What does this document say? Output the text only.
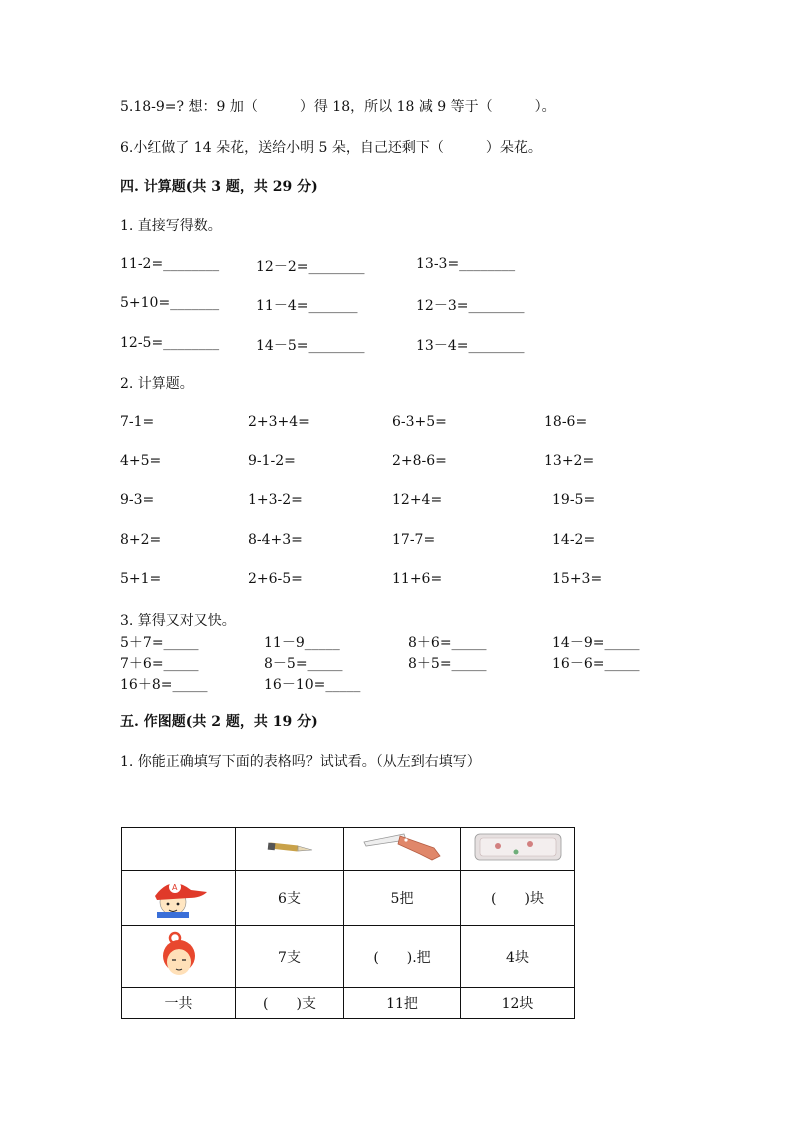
5.18-9=? 想：9 加（　　　）得 18，所以 18 减 9 等于（　　　）。
6.小红做了 14 朵花，送给小明 5 朵，自己还剩下（　　　）朵花。
四. 计算题(共 3 题，共 29 分)
1. 直接写得数。
11-2=________	12－2=________	13-3=________
5+10=_______	11－4=_______	12－3=________
12-5=________	14－5=________	13－4=________
2. 计算题。
7-1=	2+3+4=	6-3+5=	18-6=
4+5=	9-1-2=	2+8-6=	13+2=
9-3=	1+3-2=	12+4=	19-5=
8+2=	8-4+3=	17-7=	14-2=
5+1=	2+6-5=	11+6=	15+3=
3. 算得又对又快。
5＋7=_____	11－9_____	8＋6=_____	14－9=_____
7＋6=_____	8－5=_____	8＋5=_____	16－6=_____
16＋8=_____	16－10=_____
五. 作图题(共 2 题，共 19 分)
1. 你能正确填写下面的表格吗？试试看。（从左到右填写）

A	6支	5把	(　　)块
	7支	(　　).把	4块
一共	(　　)支	11把	12块
